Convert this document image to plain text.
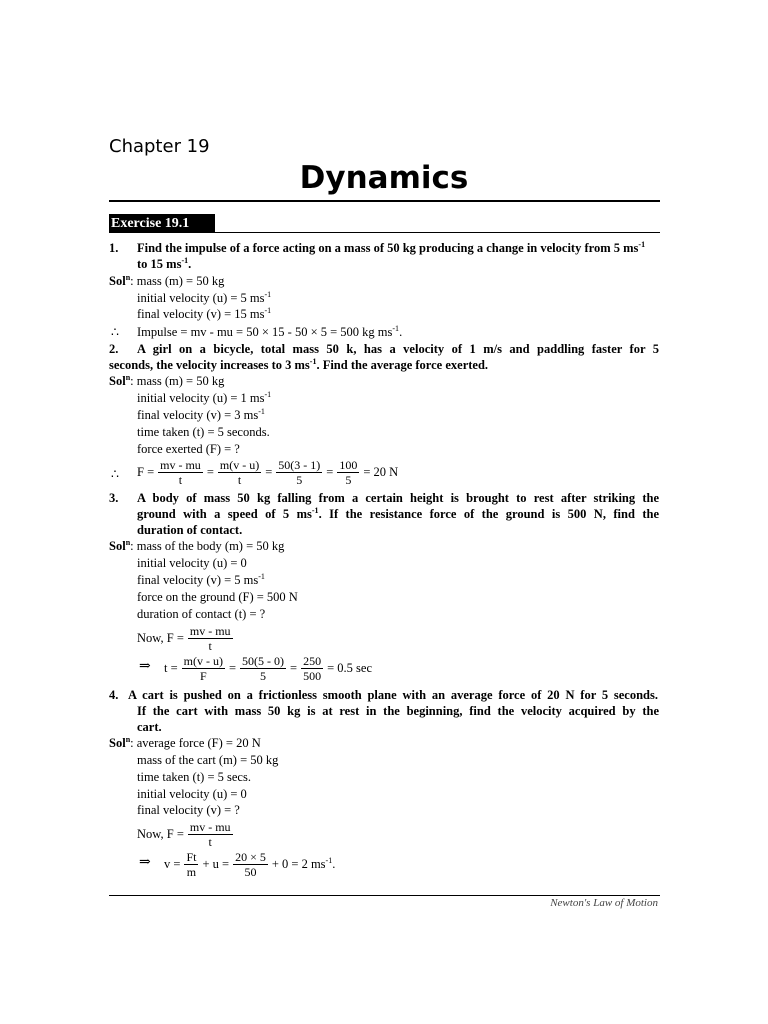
Chapter 19
Dynamics
Exercise 19.1
1. Find the impulse of a force acting on a mass of 50 kg producing a change in velocity from 5 $ms^{-1}$
to 15 $ms^{-1}$.
Sol$^n$: mass (m) = 50 kg
initial velocity (u) = 5 $ms^{-1}$
final velocity (v) = 15 $ms^{-1}$
∴ Impulse = mv - mu = 50 × 15 - 50 × 5 = 500 kg $ms^{-1}$.
2. A girl on a bicycle, total mass 50 k, has a velocity of 1 m/s and paddling faster for 5
seconds, the velocity increases to 3 $ms^{-1}$. Find the average force exerted.
Sol$^n$: mass (m) = 50 kg
initial velocity (u) = 1 $ms^{-1}$
final velocity (v) = 3 $ms^{-1}$
time taken (t) = 5 seconds.
force exerted (F) = ?
∴ $F = \frac{mv - mu}{t} = \frac{m(v - u)}{t} = \frac{50(3 - 1)}{5} = \frac{100}{5} = 20$ N
3. A body of mass 50 kg falling from a certain height is brought to rest after striking the
ground with a speed of 5 $ms^{-1}$. If the resistance force of the ground is 500 N, find the
duration of contact.
Sol$^n$: mass of the body (m) = 50 kg
initial velocity (u) = 0
final velocity (v) = 5 $ms^{-1}$
force on the ground (F) = 500 N
duration of contact (t) = ?
Now, $F = \frac{mv - mu}{t}$
⇒ $t = \frac{m(v - u)}{F} = \frac{50(5 - 0)}{5} = \frac{250}{500} = 0.5$ sec
4. A cart is pushed on a frictionless smooth plane with an average force of 20 N for 5 seconds.
If the cart with mass 50 kg is at rest in the beginning, find the velocity acquired by the
cart.
Sol$^n$: average force (F) = 20 N
mass of the cart (m) = 50 kg
time taken (t) = 5 secs.
initial velocity (u) = 0
final velocity (v) = ?
Now, $F = \frac{mv - mu}{t}$
⇒ $v = \frac{Ft}{m} + u = \frac{20 \times 5}{50} + 0 = 2$ $ms^{-1}$.
Newton's Law of Motion
